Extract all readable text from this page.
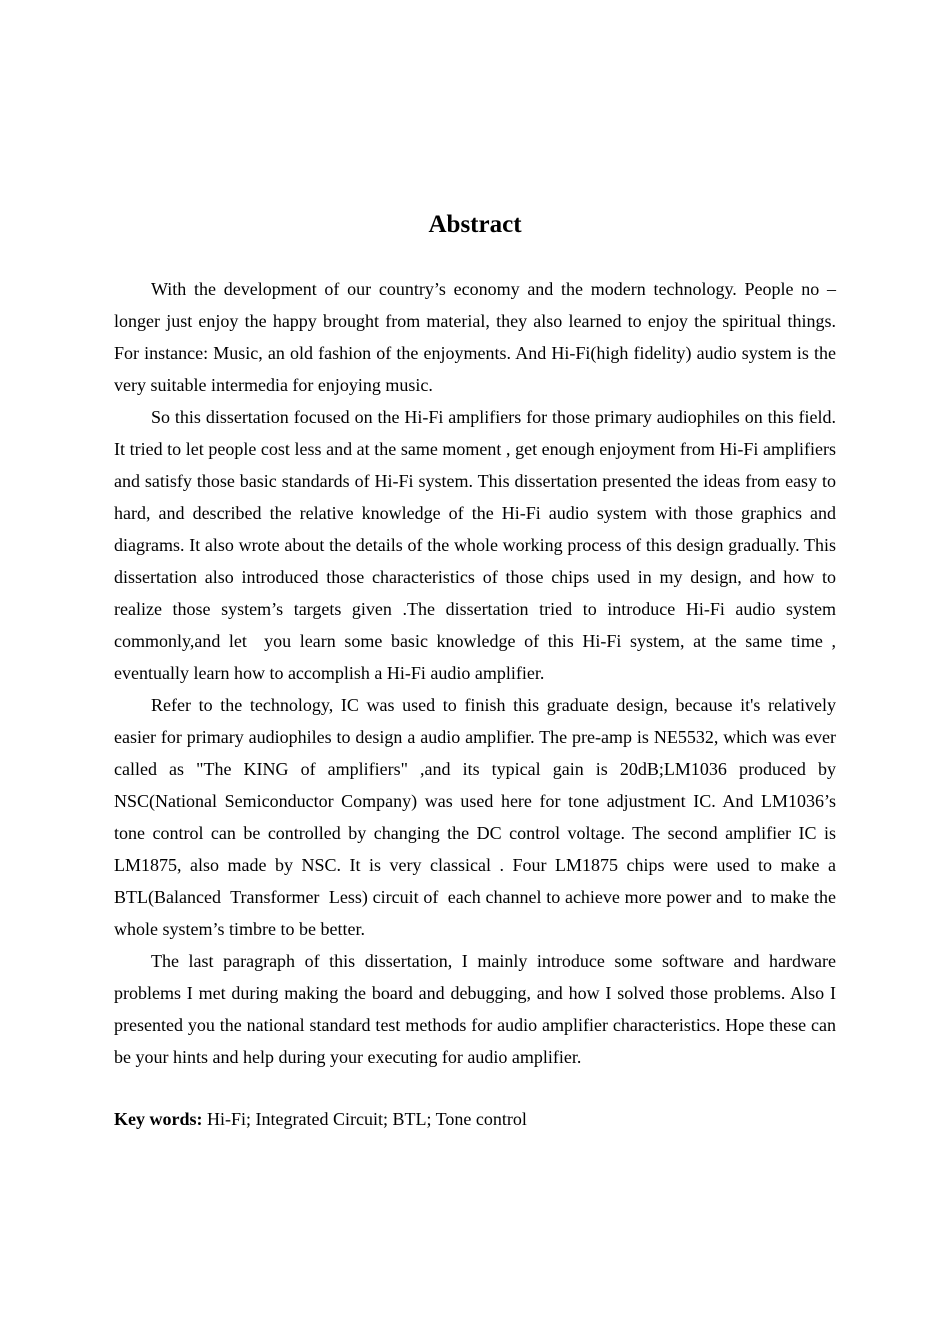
Abstract

With the development of our country’s economy and the modern technology. People no – longer just enjoy the happy brought from material, they also learned to enjoy the spiritual things. For instance: Music, an old fashion of the enjoyments. And Hi-Fi(high fidelity) audio system is the very suitable intermedia for enjoying music.

So this dissertation focused on the Hi-Fi amplifiers for those primary audiophiles on this field. It tried to let people cost less and at the same moment , get enough enjoyment from Hi-Fi amplifiers and satisfy those basic standards of Hi-Fi system. This dissertation presented the ideas from easy to hard, and described the relative knowledge of the Hi-Fi audio system with those graphics and diagrams. It also wrote about the details of the whole working process of this design gradually. This dissertation also introduced those characteristics of those chips used in my design, and how to realize those system’s targets given .The dissertation tried to introduce Hi-Fi audio system commonly,and let  you learn some basic knowledge of this Hi-Fi system, at the same time , eventually learn how to accomplish a Hi-Fi audio amplifier.

Refer to the technology, IC was used to finish this graduate design, because it's relatively easier for primary audiophiles to design a audio amplifier. The pre-amp is NE5532, which was ever called as "The KING of amplifiers" ,and its typical gain is 20dB;LM1036 produced by NSC(National Semiconductor Company) was used here for tone adjustment IC. And LM1036’s tone control can be controlled by changing the DC control voltage. The second amplifier IC is LM1875, also made by NSC. It is very classical . Four LM1875 chips were used to make a BTL(Balanced  Transformer  Less) circuit of  each channel to achieve more power and  to make the whole system’s timbre to be better.

The last paragraph of this dissertation, I mainly introduce some software and hardware problems I met during making the board and debugging, and how I solved those problems. Also I presented you the national standard test methods for audio amplifier characteristics. Hope these can be your hints and help during your executing for audio amplifier.

Key words: Hi-Fi; Integrated Circuit; BTL; Tone control
